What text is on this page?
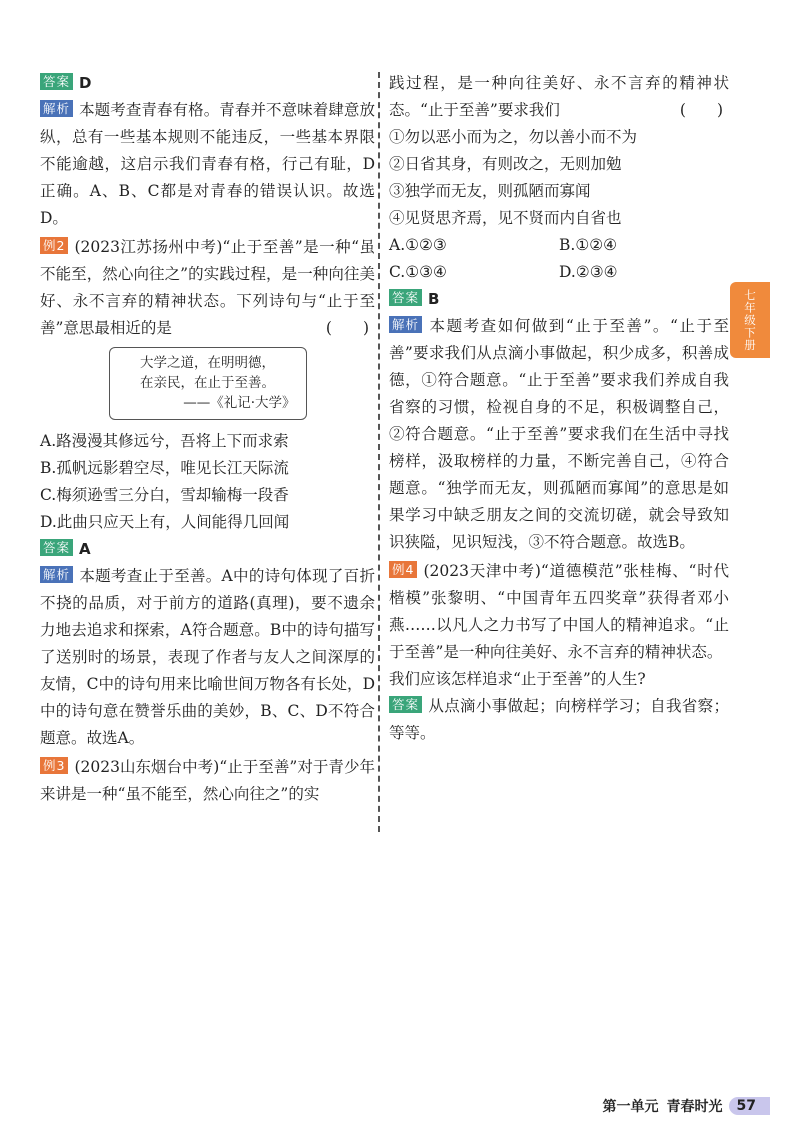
答案 D

解析 本题考查青春有格。青春并不意味着肆意放纵，总有一些基本规则不能违反，一些基本界限不能逾越，这启示我们青春有格，行己有耻，D正确。A、B、C都是对青春的错误认识。故选D。

例2 (2023江苏扬州中考)“止于至善”是一种“虽不能至，然心向往之”的实践过程，是一种向往美好、永不言弃的精神状态。下列诗句与“止于至善”意思最相近的是	(　　)

大学之道，在明明德，
在亲民，在止于至善。
——《礼记·大学》

A.路漫漫其修远兮，吾将上下而求索

B.孤帆远影碧空尽，唯见长江天际流

C.梅须逊雪三分白，雪却输梅一段香

D.此曲只应天上有，人间能得几回闻

答案 A

解析 本题考查止于至善。A中的诗句体现了百折不挠的品质，对于前方的道路(真理)，要不遗余力地去追求和探索，A符合题意。B中的诗句描写了送别时的场景，表现了作者与友人之间深厚的友情，C中的诗句用来比喻世间万物各有长处，D中的诗句意在赞誉乐曲的美妙，B、C、D不符合题意。故选A。

例3 (2023山东烟台中考)“止于至善”对于青少年来讲是一种“虽不能至，然心向往之”的实

践过程，是一种向往美好、永不言弃的精神状态。“止于至善”要求我们	(　　)

①勿以恶小而为之，勿以善小而不为

②日省其身，有则改之，无则加勉

③独学而无友，则孤陋而寡闻

④见贤思齐焉，见不贤而内自省也

A.①②③	B.①②④

C.①③④	D.②③④

答案 B

解析 本题考查如何做到“止于至善”。“止于至善”要求我们从点滴小事做起，积少成多，积善成德，①符合题意。“止于至善”要求我们养成自我省察的习惯，检视自身的不足，积极调整自己，②符合题意。“止于至善”要求我们在生活中寻找榜样，汲取榜样的力量，不断完善自己，④符合题意。“独学而无友，则孤陋而寡闻”的意思是如果学习中缺乏朋友之间的交流切磋，就会导致知识狭隘，见识短浅，③不符合题意。故选B。

例4 (2023天津中考)“道德模范”张桂梅、“时代楷模”张黎明、“中国青年五四奖章”获得者邓小燕……以凡人之力书写了中国人的精神追求。“止于至善”是一种向往美好、永不言弃的精神状态。

我们应该怎样追求“止于至善”的人生?

答案 从点滴小事做起；向榜样学习；自我省察；等等。

七年级下册
第一单元 青春时光	57
